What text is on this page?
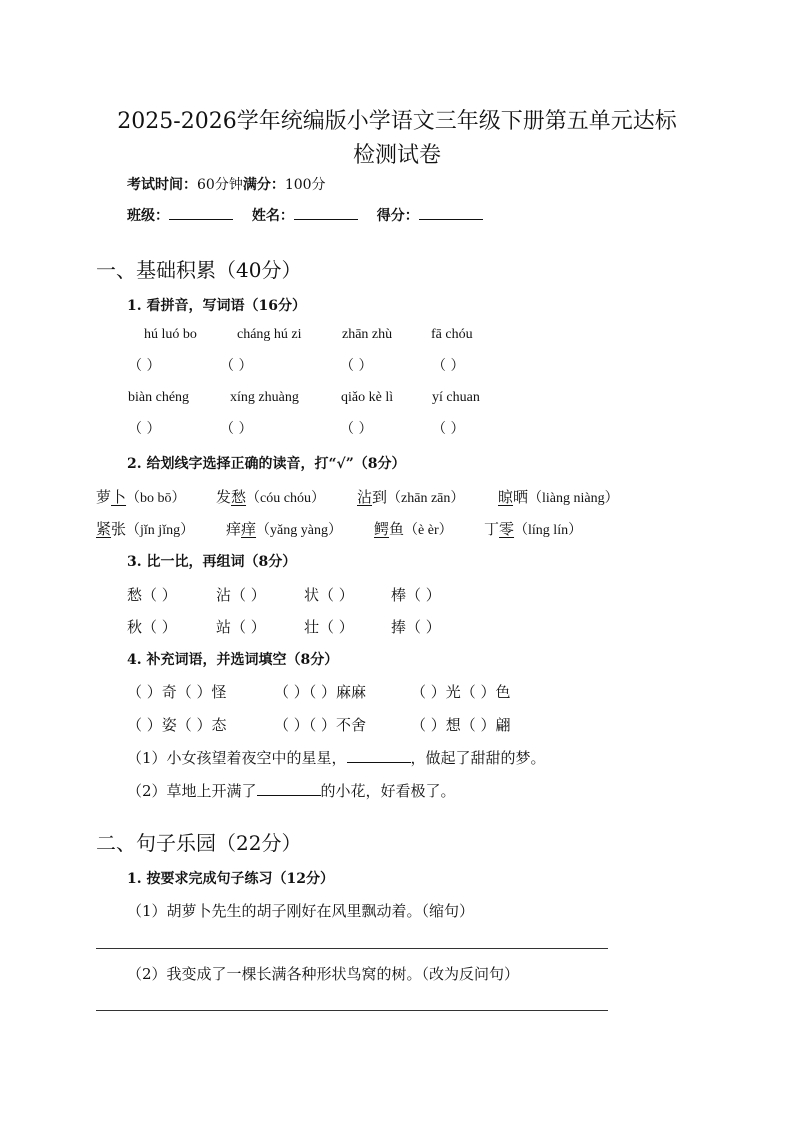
2025-2026学年统编版小学语文三年级下册第五单元达标
检测试卷
考试时间：60分钟满分：100分
班级：	姓名：	得分：
一、基础积累（40分）
1. 看拼音，写词语（16分）
hú luó bo	cháng hú zi	zhān zhù	fā chóu
（ ）	（ ）	（ ）	（ ）
biàn chéng	xíng zhuàng	qiǎo kè lì	yí chuan
（ ）	（ ）	（ ）	（ ）
2. 给划线字选择正确的读音，打“√”（8分）
萝卜（bo bō） 发愁（cóu chóu） 沾到（zhān zān） 晾晒（liàng niàng）
紧张（jǐn jǐng） 痒痒（yǎng yàng） 鳄鱼（è èr） 丁零（líng lín）
3. 比一比，再组词（8分）
愁（ ）	沾（ ）	状（ ） 棒（ ）
秋（ ）	站（ ）	壮（ ） 捧（ ）
4. 补充词语，并选词填空（8分）
（ ）奇（ ）怪	（ ）（ ）麻麻	（ ）光（ ）色
（ ）姿（ ）态	（ ）（ ）不舍	（ ）想（ ）翩
（1）小女孩望着夜空中的星星，	，做起了甜甜的梦。
（2）草地上开满了	的小花，好看极了。
二、句子乐园（22分）
1. 按要求完成句子练习（12分）
（1）胡萝卜先生的胡子刚好在风里飘动着。（缩句）
（2）我变成了一棵长满各种形状鸟窝的树。（改为反问句）
